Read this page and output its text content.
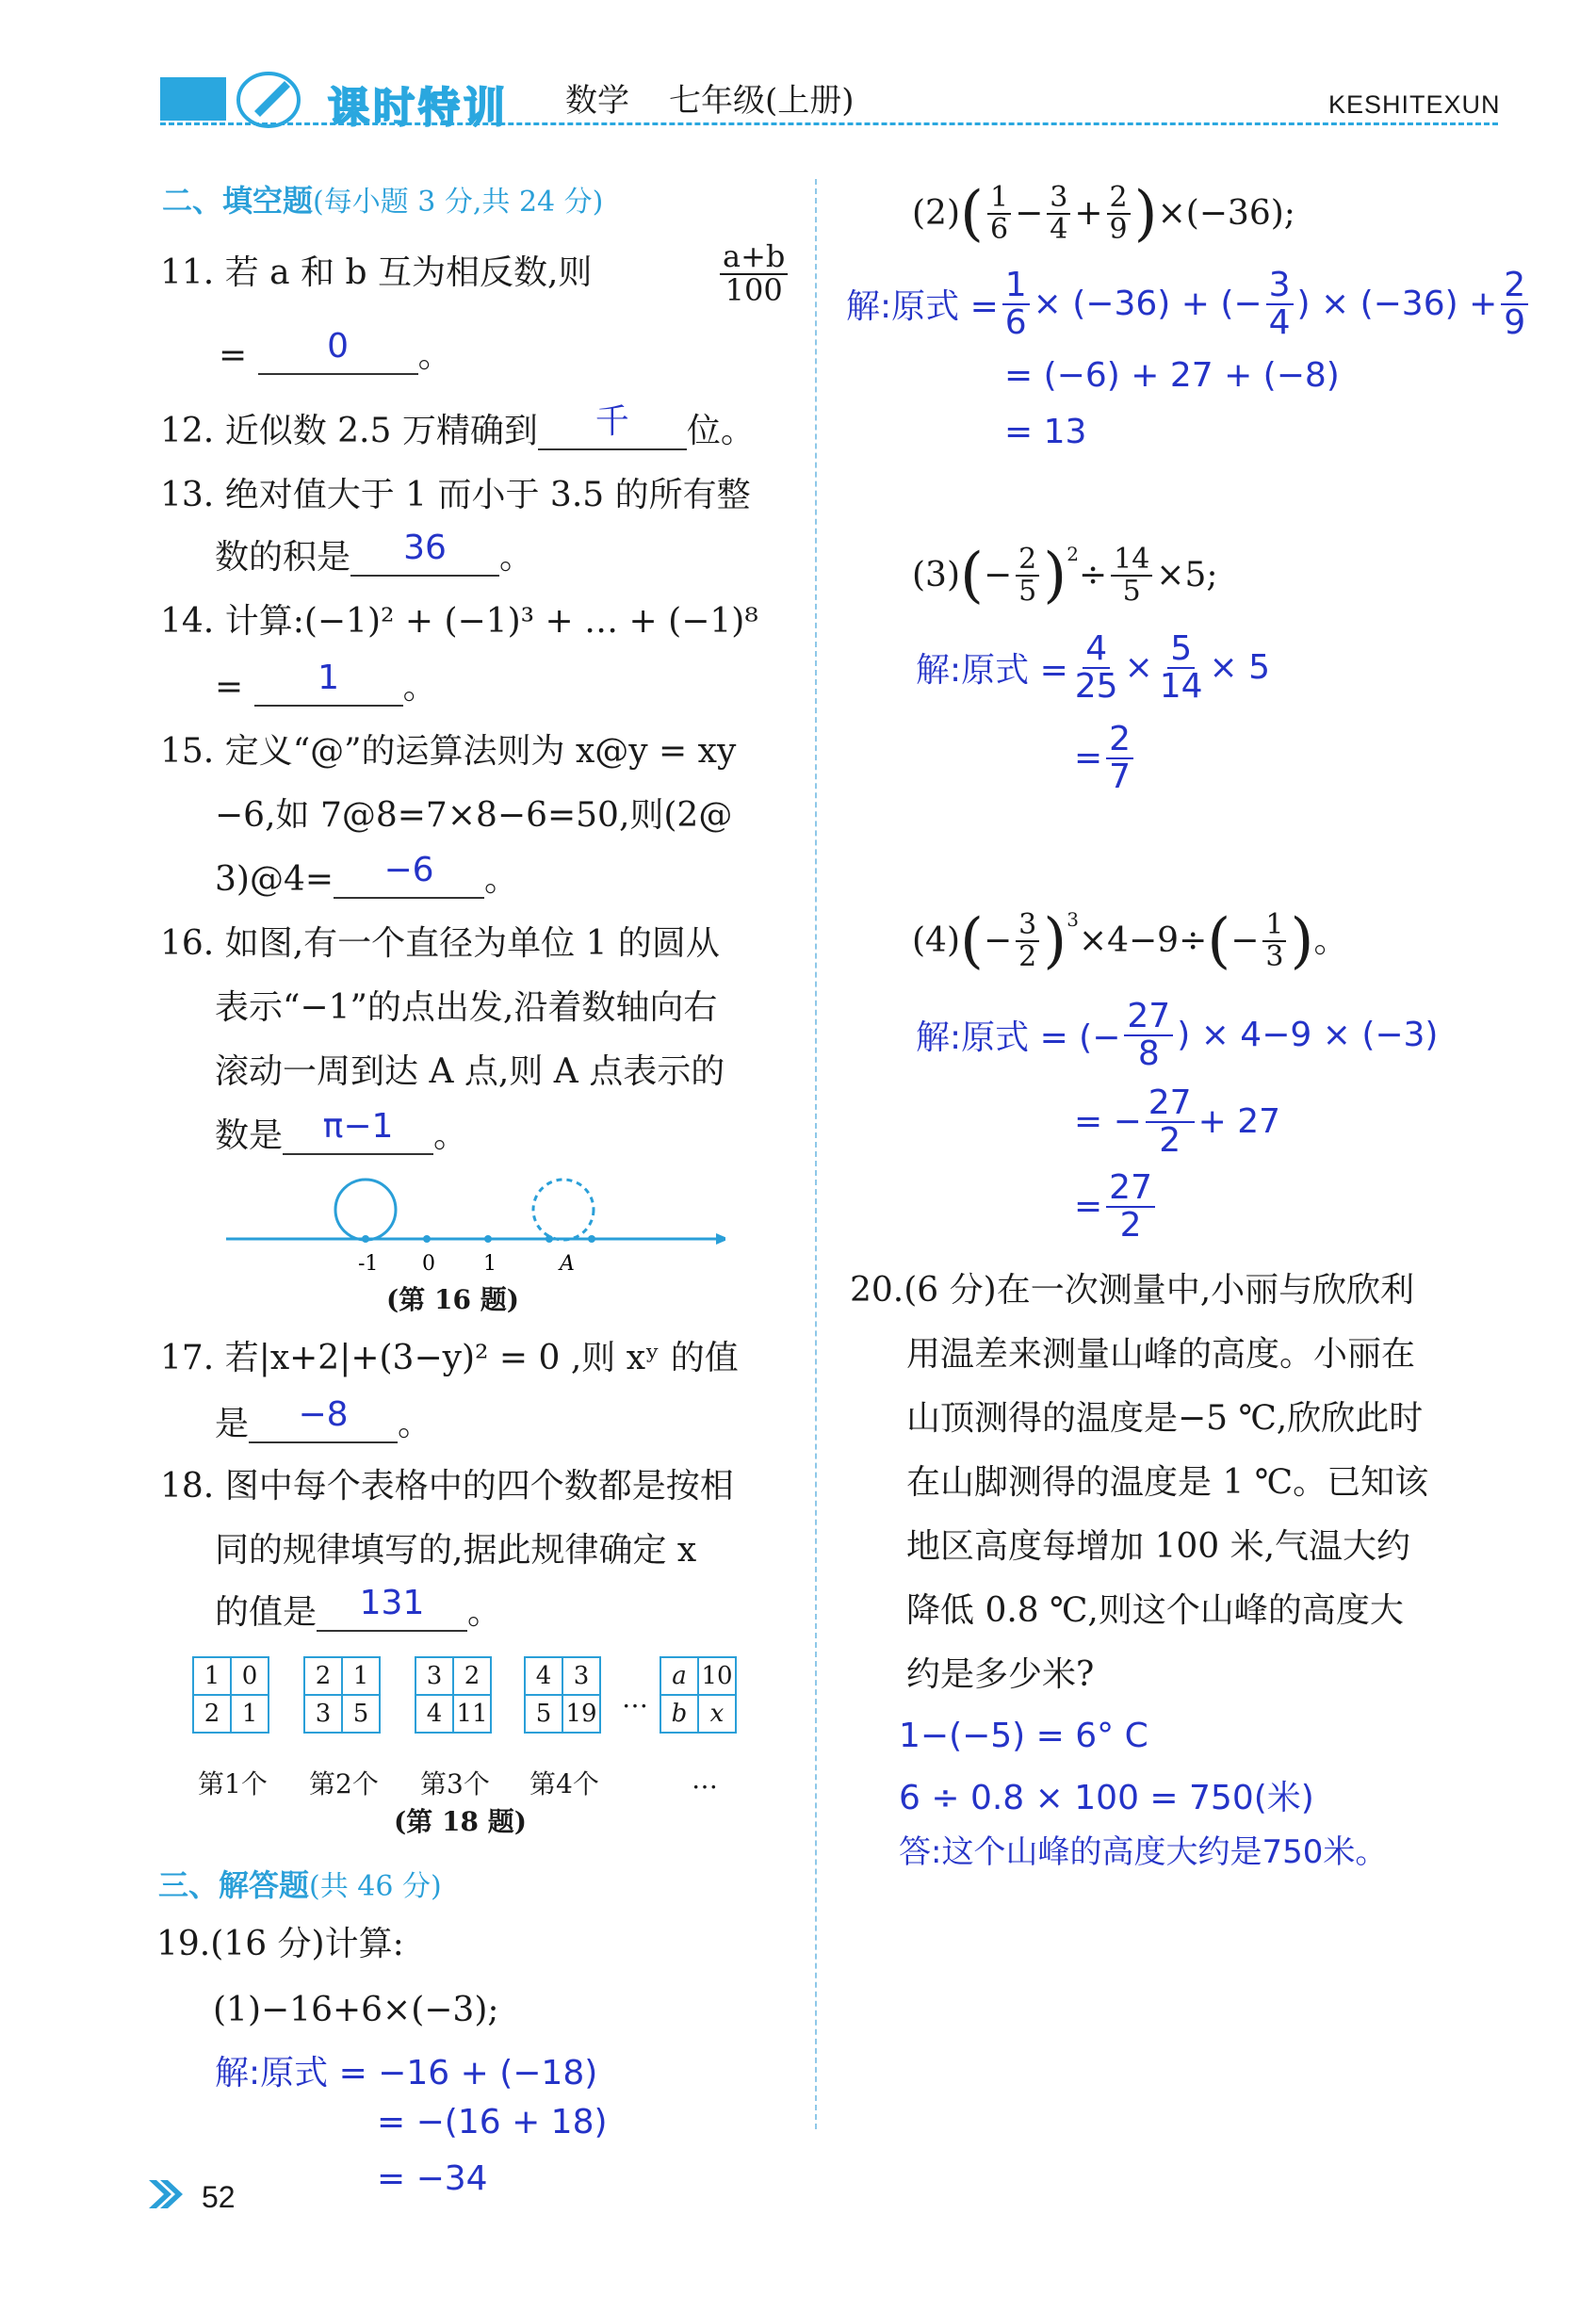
课时特训 数学 七年级(上册)	KESHITEXUN
二、填空题(每小题 3 分,共 24 分)
11. 若 a 和 b 互为相反数,则	$\frac{a+b}{100}$
= 0 。
12. 近似数 2.5 万精确到 千 位。
13. 绝对值大于 1 而小于 3.5 的所有整
数的积是 36 。
14. 计算:(−1)² + (−1)³ + … + (−1)⁸
= 1 。
15. 定义“@”的运算法则为 x@y = xy
−6,如 7@8=7×8−6=50,则(2@
3)@4= −6 。
16. 如图,有一个直径为单位 1 的圆从
表示“−1”的点出发,沿着数轴向右
滚动一周到达 A 点,则 A 点表示的
数是 π−1 。
-1 0 1	A
(第 16 题)
17. 若|x+2|+(3−y)² = 0 ,则 xʸ 的值
是 −8 。
18. 图中每个表格中的四个数都是按相
同的规律填写的,据此规律确定 x
的值是 131 。
1	0
2	1
2	1
3	5
3	2
4	11
4	3
5	19 …
a	10
b	x
第1个 第2个 第3个 第4个	…
(第 18 题)
三、解答题(共 46 分)
19.(16 分)计算:
(1)−16+6×(−3);
解:原式 = −16 + (−18)
= −(16 + 18)
= −34
(2) ( $\frac{1}{6} - \frac{3}{4} + \frac{2}{9}$ ) ×(−36);
解:原式 = $\frac{1}{6} \times (-36)$ + (− $\frac{3}{4}$ ) × $(-36) + \frac{2}{9}$
= (−6) + 27 + (−8)
= 13
(3) ( − $\frac{2}{5}$ ) 2
÷ $\frac{14}{5} \times 5$;
解:原式 = $\frac{4}{25} \times \frac{5}{14} \times 5$
= $\frac{2}{7}$
(4) ( − $\frac{3}{2}$ ) 3
×4−9÷ ( − $\frac{1}{3}$ ) 。
解:原式 = (− $\frac{27}{8}$ ) × 4−9 × (−3)
= − $\frac{27}{2} + 27$
= $\frac{27}{2}$
20.(6 分)在一次测量中,小丽与欣欣利
用温差来测量山峰的高度。小丽在
山顶测得的温度是−5 ℃,欣欣此时
在山脚测得的温度是 1 ℃。已知该
地区高度每增加 100 米,气温大约
降低 0.8 ℃,则这个山峰的高度大
约是多少米?
1−(−5) = 6° C
6 ÷ 0.8 × 100 = 750(米)
答:这个山峰的高度大约是750米。
52
